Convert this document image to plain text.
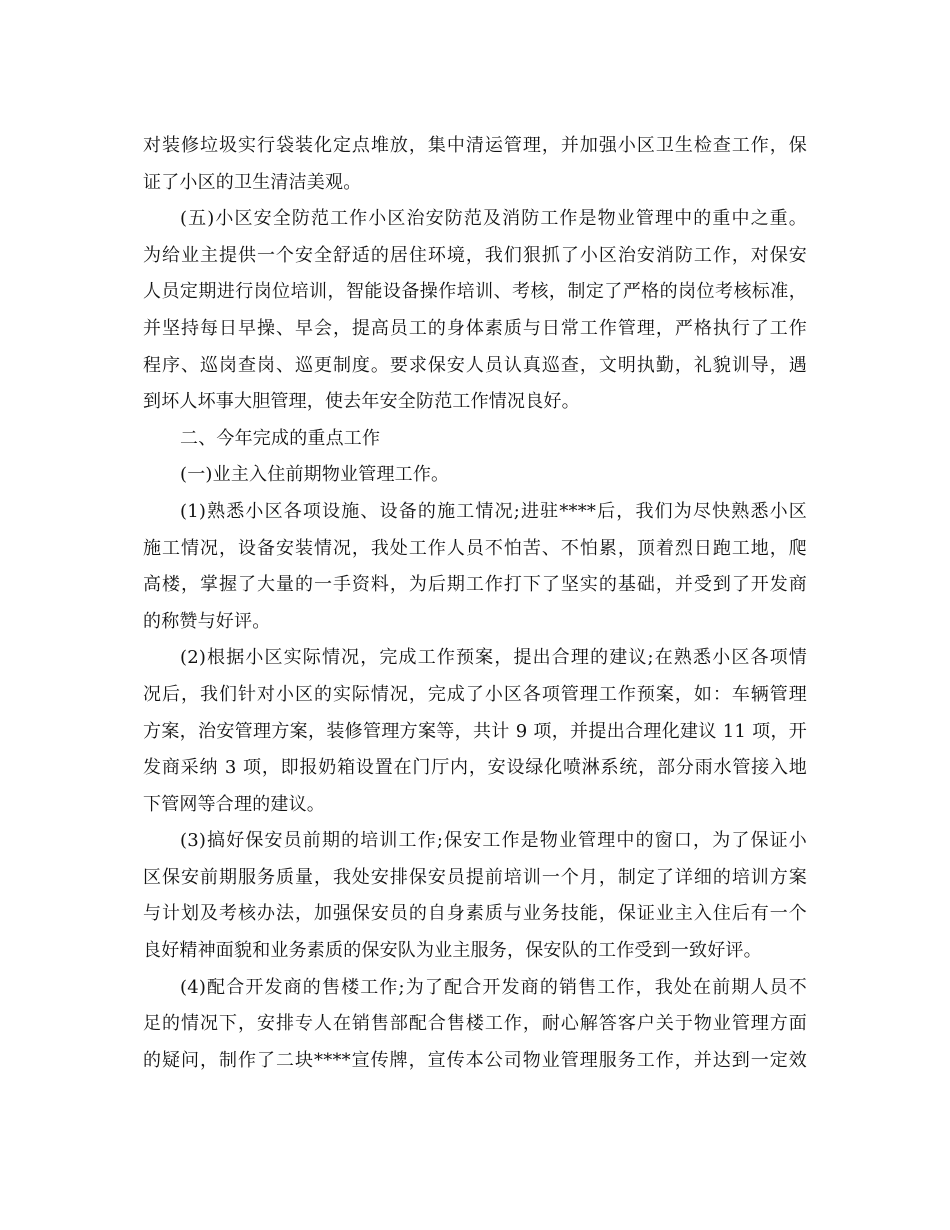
对装修垃圾实行袋装化定点堆放，集中清运管理，并加强小区卫生检查工作，保
证了小区的卫生清洁美观。
(五)小区安全防范工作小区治安防范及消防工作是物业管理中的重中之重。
为给业主提供一个安全舒适的居住环境，我们狠抓了小区治安消防工作，对保安
人员定期进行岗位培训，智能设备操作培训、考核，制定了严格的岗位考核标准，
并坚持每日早操、早会，提高员工的身体素质与日常工作管理，严格执行了工作
程序、巡岗查岗、巡更制度。要求保安人员认真巡查，文明执勤，礼貌训导，遇
到坏人坏事大胆管理，使去年安全防范工作情况良好。
二、今年完成的重点工作
(一)业主入住前期物业管理工作。
(1)熟悉小区各项设施、设备的施工情况;进驻****后，我们为尽快熟悉小区
施工情况，设备安装情况，我处工作人员不怕苦、不怕累，顶着烈日跑工地，爬
高楼，掌握了大量的一手资料，为后期工作打下了坚实的基础，并受到了开发商
的称赞与好评。
(2)根据小区实际情况，完成工作预案，提出合理的建议;在熟悉小区各项情
况后，我们针对小区的实际情况，完成了小区各项管理工作预案，如：车辆管理
方案，治安管理方案，装修管理方案等，共计 9 项，并提出合理化建议 11 项，开
发商采纳 3 项，即报奶箱设置在门厅内，安设绿化喷淋系统，部分雨水管接入地
下管网等合理的建议。
(3)搞好保安员前期的培训工作;保安工作是物业管理中的窗口，为了保证小
区保安前期服务质量，我处安排保安员提前培训一个月，制定了详细的培训方案
与计划及考核办法，加强保安员的自身素质与业务技能，保证业主入住后有一个
良好精神面貌和业务素质的保安队为业主服务，保安队的工作受到一致好评。
(4)配合开发商的售楼工作;为了配合开发商的销售工作，我处在前期人员不
足的情况下，安排专人在销售部配合售楼工作，耐心解答客户关于物业管理方面
的疑问，制作了二块****宣传牌，宣传本公司物业管理服务工作，并达到一定效
